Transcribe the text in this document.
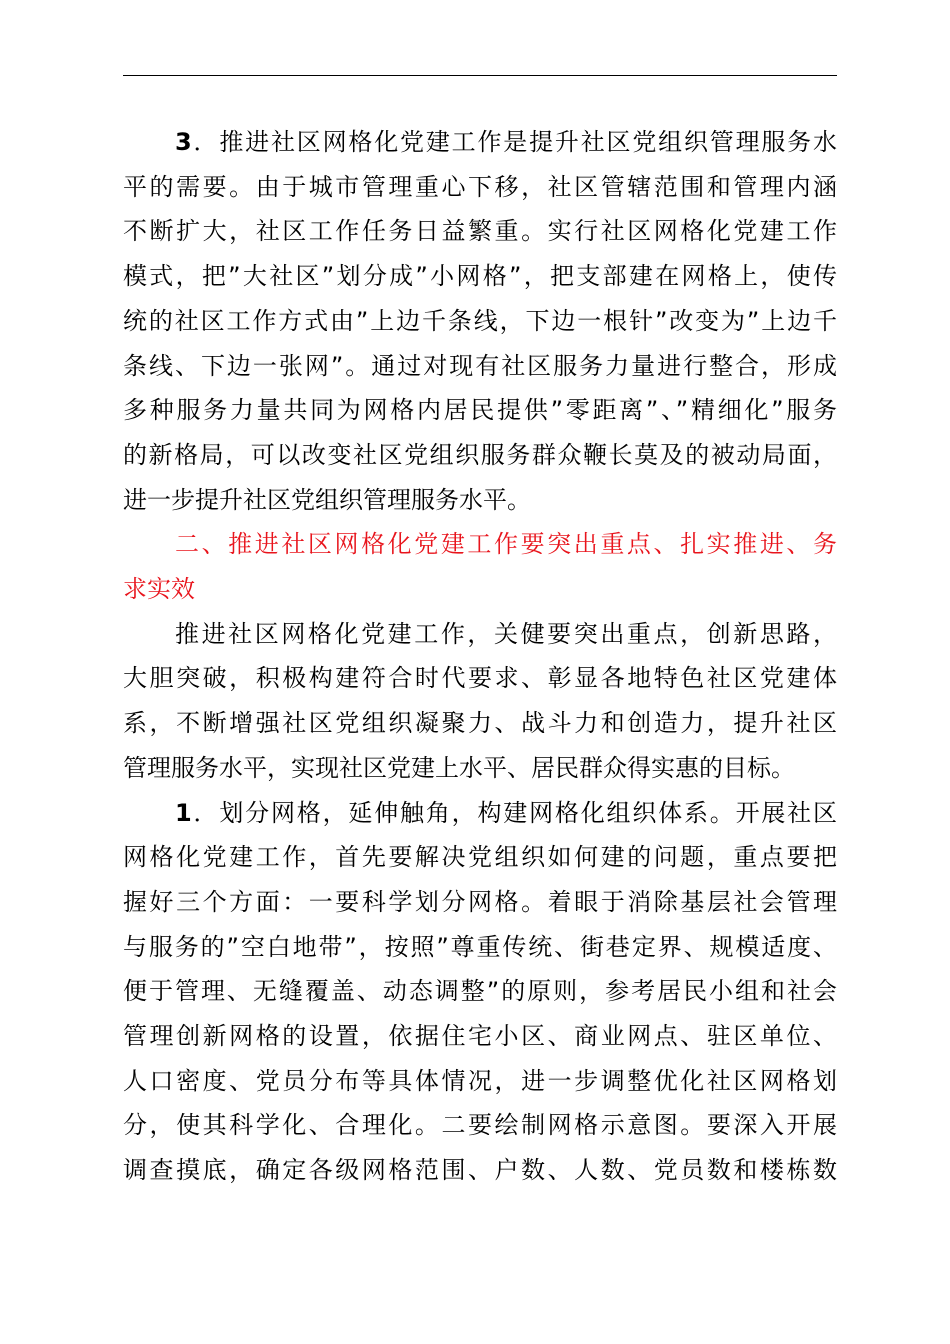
3．推进社区网格化党建工作是提升社区党组织管理服务水
平的需要。由于城市管理重心下移，社区管辖范围和管理内涵
不断扩大，社区工作任务日益繁重。实行社区网格化党建工作
模式，把”大社区”划分成”小网格”，把支部建在网格上，使传
统的社区工作方式由”上边千条线，下边一根针”改变为”上边千
条线、下边一张网”。通过对现有社区服务力量进行整合，形成
多种服务力量共同为网格内居民提供”零距离”、”精细化”服务
的新格局，可以改变社区党组织服务群众鞭长莫及的被动局面，
进一步提升社区党组织管理服务水平。

二、推进社区网格化党建工作要突出重点、扎实推进、务
求实效

推进社区网格化党建工作，关健要突出重点，创新思路，
大胆突破，积极构建符合时代要求、彰显各地特色社区党建体
系，不断增强社区党组织凝聚力、战斗力和创造力，提升社区
管理服务水平，实现社区党建上水平、居民群众得实惠的目标。

1．划分网格，延伸触角，构建网格化组织体系。开展社区
网格化党建工作，首先要解决党组织如何建的问题，重点要把
握好三个方面：一要科学划分网格。着眼于消除基层社会管理
与服务的”空白地带”，按照”尊重传统、街巷定界、规模适度、
便于管理、无缝覆盖、动态调整”的原则，参考居民小组和社会
管理创新网格的设置，依据住宅小区、商业网点、驻区单位、
人口密度、党员分布等具体情况，进一步调整优化社区网格划
分，使其科学化、合理化。二要绘制网格示意图。要深入开展
调查摸底，确定各级网格范围、户数、人数、党员数和楼栋数
